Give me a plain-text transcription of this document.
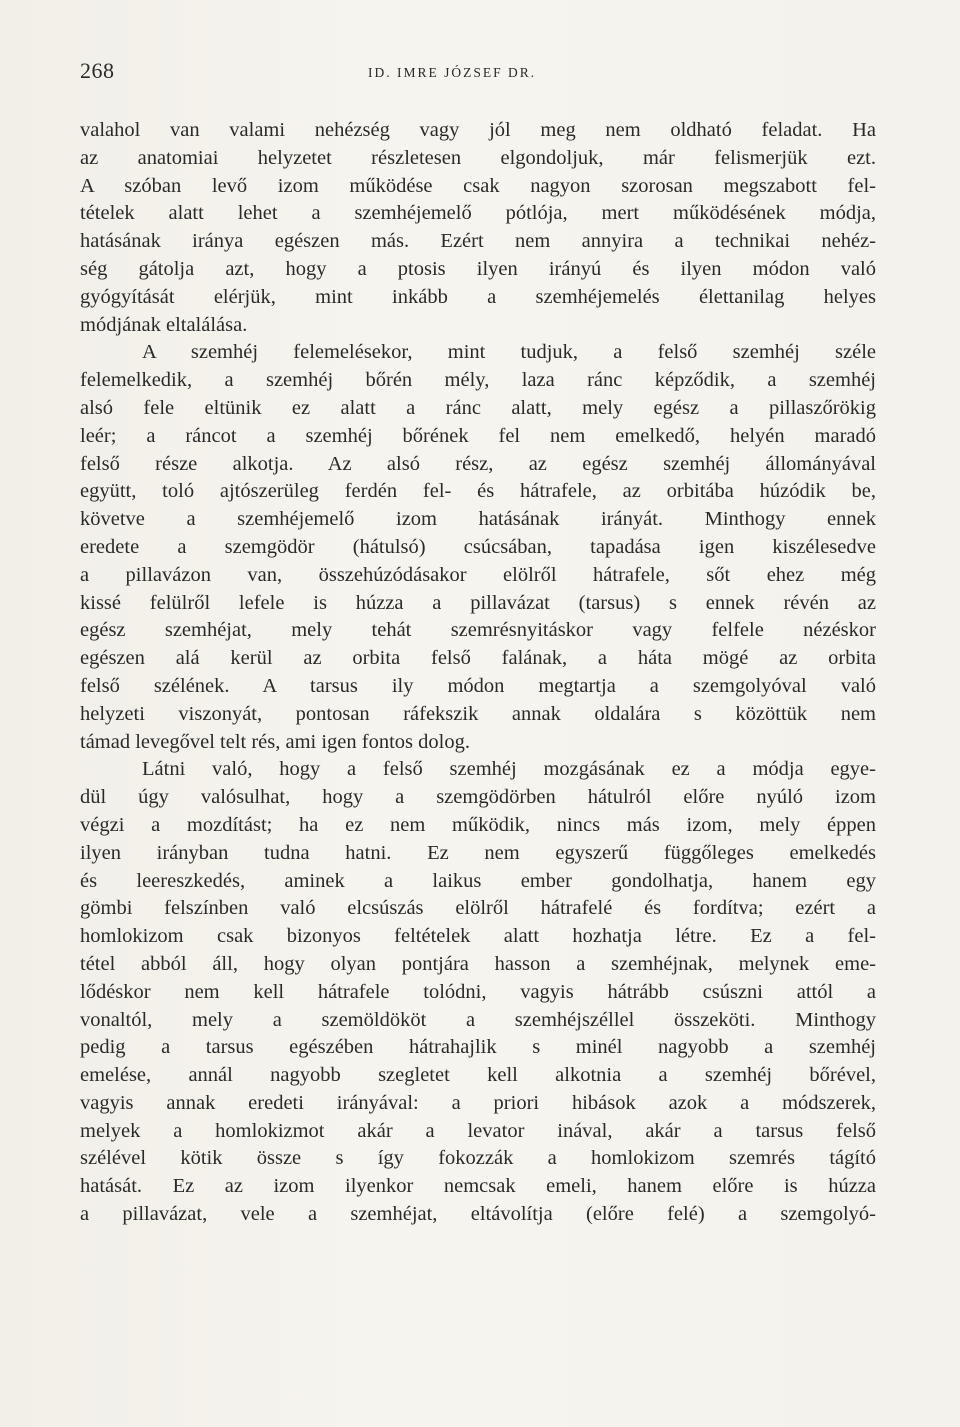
268	ID. IMRE JÓZSEF DR.
valahol van valami nehézség vagy jól meg nem oldható feladat. Ha
az anatomiai helyzetet részletesen elgondoljuk, már felismerjük ezt.
A szóban levő izom működése csak nagyon szorosan megszabott fel-
tételek alatt lehet a szemhéjemelő pótlója, mert működésének módja,
hatásának iránya egészen más. Ezért nem annyira a technikai nehéz-
ség gátolja azt, hogy a ptosis ilyen irányú és ilyen módon való
gyógyítását elérjük, mint inkább a szemhéjemelés élettanilag helyes
módjának eltalálása.
A szemhéj felemelésekor, mint tudjuk, a felső szemhéj széle
felemelkedik, a szemhéj bőrén mély, laza ránc képződik, a szemhéj
alsó fele eltünik ez alatt a ránc alatt, mely egész a pillaszőrökig
leér; a ráncot a szemhéj bőrének fel nem emelkedő, helyén maradó
felső része alkotja. Az alsó rész, az egész szemhéj állományával
együtt, toló ajtószerüleg ferdén fel- és hátrafele, az orbitába húzódik be,
követve a szemhéjemelő izom hatásának irányát. Minthogy ennek
eredete a szemgödör (hátulsó) csúcsában, tapadása igen kiszélesedve
a pillavázon van, összehúzódásakor elölről hátrafele, sőt ehez még
kissé felülről lefele is húzza a pillavázat (tarsus) s ennek révén az
egész szemhéjat, mely tehát szemrésnyitáskor vagy felfele nézéskor
egészen alá kerül az orbita felső falának, a háta mögé az orbita
felső szélének. A tarsus ily módon megtartja a szemgolyóval való
helyzeti viszonyát, pontosan ráfekszik annak oldalára s közöttük nem
támad levegővel telt rés, ami igen fontos dolog.
Látni való, hogy a felső szemhéj mozgásának ez a módja egye-
dül úgy valósulhat, hogy a szemgödörben hátulról előre nyúló izom
végzi a mozdítást; ha ez nem működik, nincs más izom, mely éppen
ilyen irányban tudna hatni. Ez nem egyszerű függőleges emelkedés
és leereszkedés, aminek a laikus ember gondolhatja, hanem egy
gömbi felszínben való elcsúszás elölről hátrafelé és fordítva; ezért a
homlokizom csak bizonyos feltételek alatt hozhatja létre. Ez a fel-
tétel abból áll, hogy olyan pontjára hasson a szemhéjnak, melynek eme-
lődéskor nem kell hátrafele tolódni, vagyis hátrább csúszni attól a
vonaltól, mely a szemöldököt a szemhéjszéllel összeköti. Minthogy
pedig a tarsus egészében hátrahajlik s minél nagyobb a szemhéj
emelése, annál nagyobb szegletet kell alkotnia a szemhéj bőrével,
vagyis annak eredeti irányával: a priori hibások azok a módszerek,
melyek a homlokizmot akár a levator inával, akár a tarsus felső
szélével kötik össze s így fokozzák a homlokizom szemrés tágító
hatását. Ez az izom ilyenkor nemcsak emeli, hanem előre is húzza
a pillavázat, vele a szemhéjat, eltávolítja (előre felé) a szemgolyó-
